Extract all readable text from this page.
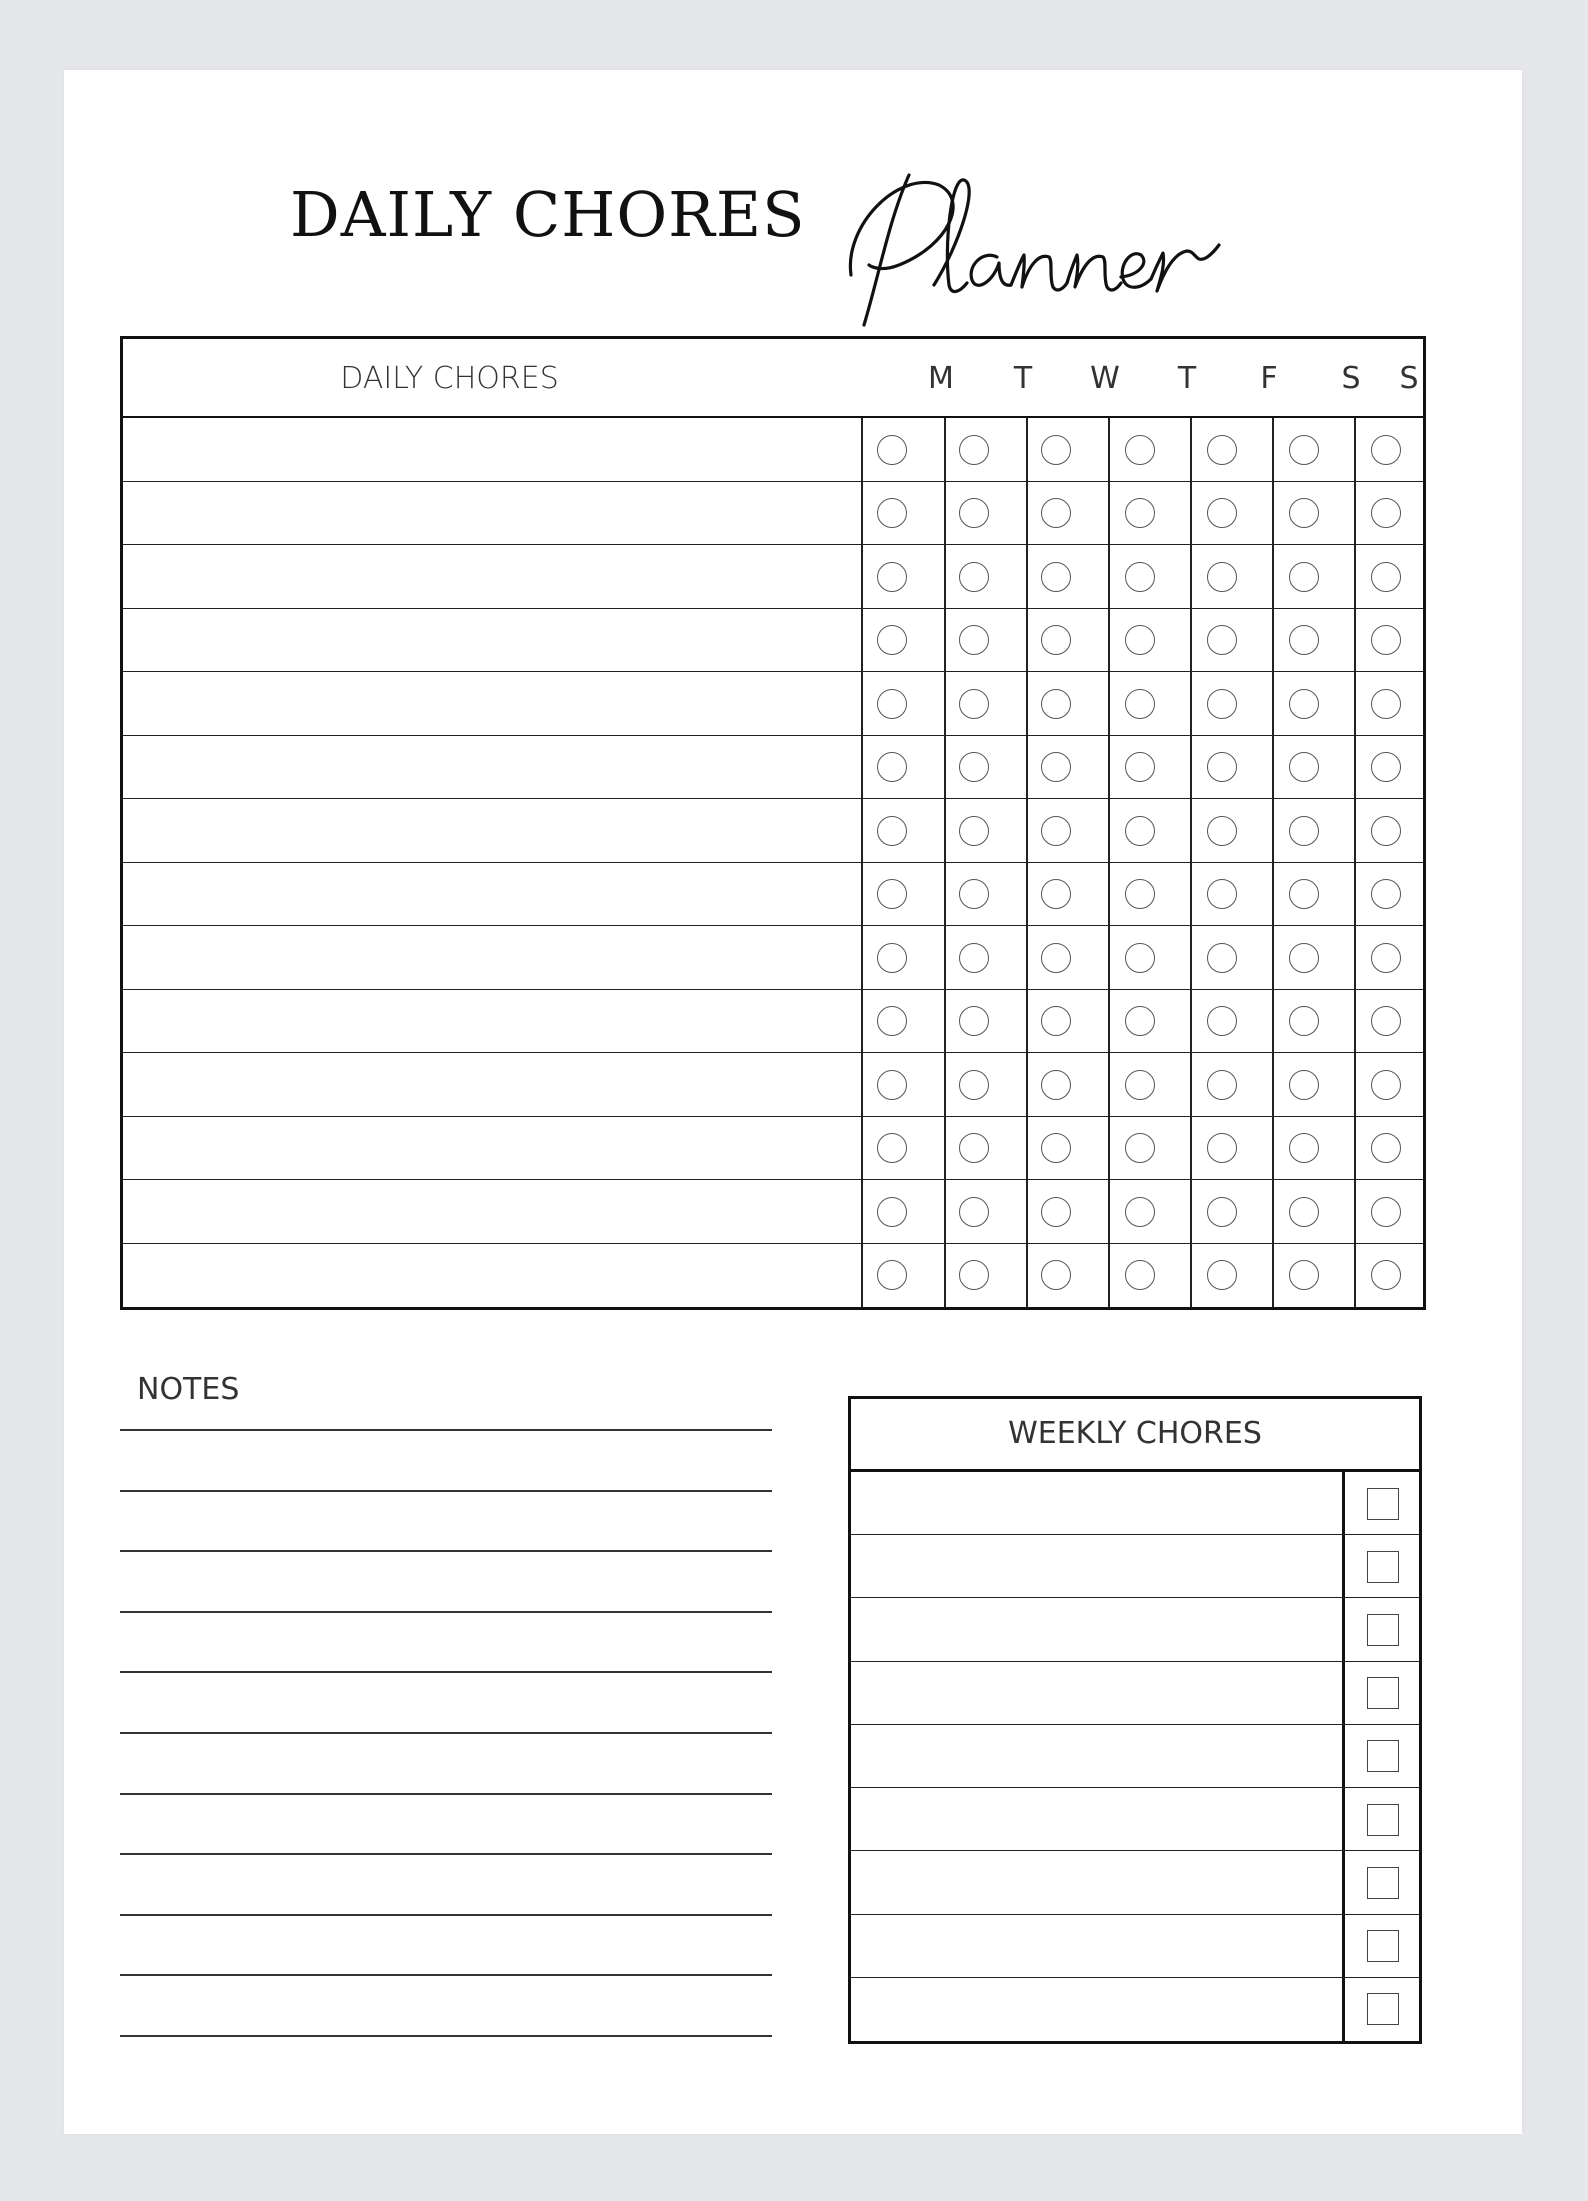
DAILY CHORES
DAILY CHORES	M	T	W	T	F	S	S
NOTES
WEEKLY CHORES
